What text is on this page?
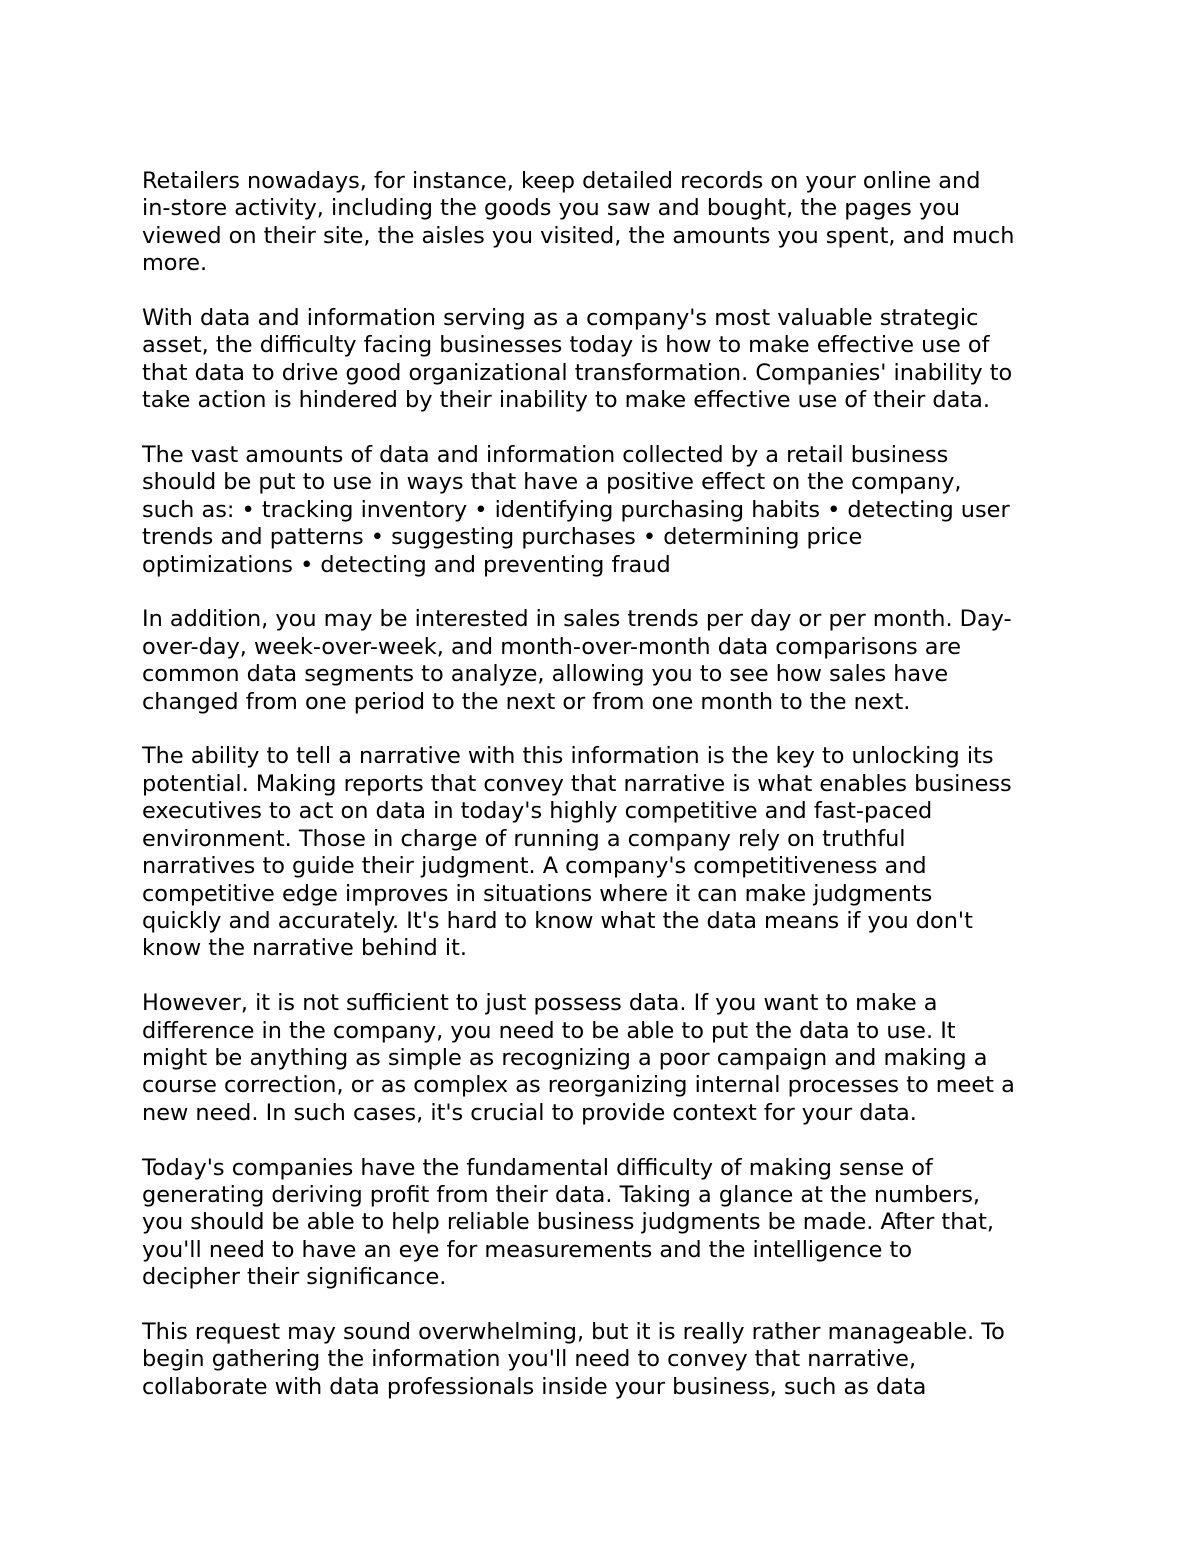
Retailers nowadays, for instance, keep detailed records on your online and
in-store activity, including the goods you saw and bought, the pages you
viewed on their site, the aisles you visited, the amounts you spent, and much
more.

With data and information serving as a company's most valuable strategic
asset, the difficulty facing businesses today is how to make effective use of
that data to drive good organizational transformation. Companies' inability to
take action is hindered by their inability to make effective use of their data.

The vast amounts of data and information collected by a retail business
should be put to use in ways that have a positive effect on the company,
such as: • tracking inventory • identifying purchasing habits • detecting user
trends and patterns • suggesting purchases • determining price
optimizations • detecting and preventing fraud

In addition, you may be interested in sales trends per day or per month. Day-
over-day, week-over-week, and month-over-month data comparisons are
common data segments to analyze, allowing you to see how sales have
changed from one period to the next or from one month to the next.

The ability to tell a narrative with this information is the key to unlocking its
potential. Making reports that convey that narrative is what enables business
executives to act on data in today's highly competitive and fast-paced
environment. Those in charge of running a company rely on truthful
narratives to guide their judgment. A company's competitiveness and
competitive edge improves in situations where it can make judgments
quickly and accurately. It's hard to know what the data means if you don't
know the narrative behind it.

However, it is not sufficient to just possess data. If you want to make a
difference in the company, you need to be able to put the data to use. It
might be anything as simple as recognizing a poor campaign and making a
course correction, or as complex as reorganizing internal processes to meet a
new need. In such cases, it's crucial to provide context for your data.

Today's companies have the fundamental difficulty of making sense of
generating deriving profit from their data. Taking a glance at the numbers,
you should be able to help reliable business judgments be made. After that,
you'll need to have an eye for measurements and the intelligence to
decipher their significance.

This request may sound overwhelming, but it is really rather manageable. To
begin gathering the information you'll need to convey that narrative,
collaborate with data professionals inside your business, such as data
